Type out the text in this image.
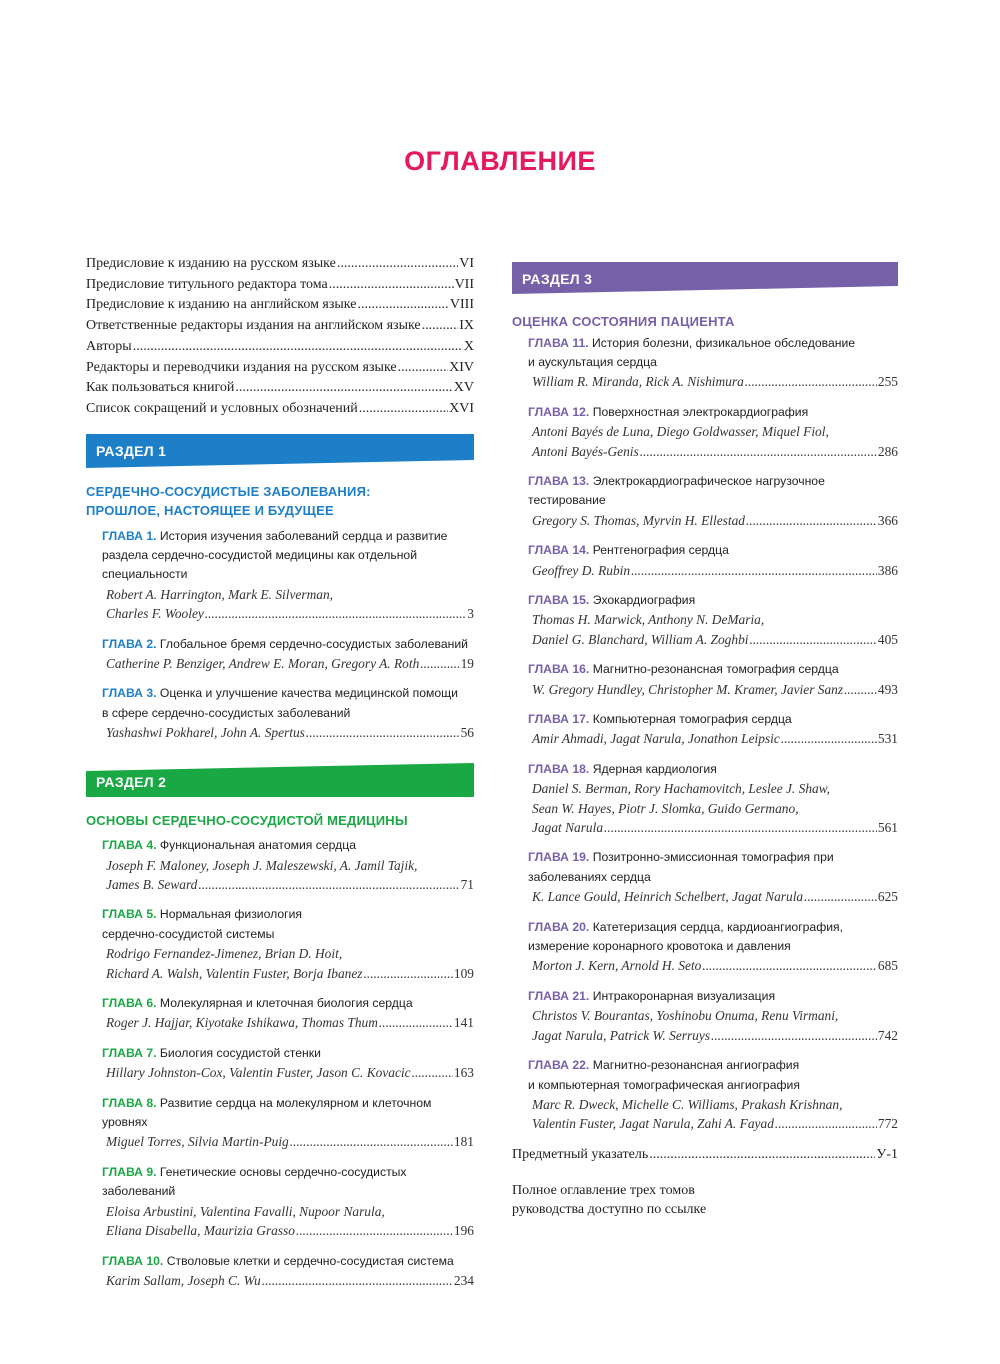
ОГЛАВЛЕНИЕ
Предисловие к изданию на русском языке .....	VI
Предисловие титульного редактора тома .....	VII
Предисловие к изданию на английском языке .....	VIII
Ответственные редакторы издания на английском языке .....	IX
Авторы .....	X
Редакторы и переводчики издания на русском языке .....	XIV
Как пользоваться книгой .....	XV
Список сокращений и условных обозначений .....	XVI
РАЗДЕЛ 1
СЕРДЕЧНО-СОСУДИСТЫЕ ЗАБОЛЕВАНИЯ:
ПРОШЛОЕ, НАСТОЯЩЕЕ И БУДУЩЕЕ
ГЛАВА 1. История изучения заболеваний сердца и развитие
раздела сердечно-сосудистой медицины как отдельной
специальности
Robert A. Harrington, Mark E. Silverman,
Charles F. Wooley .....	3
ГЛАВА 2. Глобальное бремя сердечно-сосудистых заболеваний
Catherine P. Benziger, Andrew E. Moran, Gregory A. Roth .....	19
ГЛАВА 3. Оценка и улучшение качества медицинской помощи
в сфере сердечно-сосудистых заболеваний
Yashashwi Pokharel, John A. Spertus .....	56
РАЗДЕЛ 2
ОСНОВЫ СЕРДЕЧНО-СОСУДИСТОЙ МЕДИЦИНЫ
ГЛАВА 4. Функциональная анатомия сердца
Joseph F. Maloney, Joseph J. Maleszewski, A. Jamil Tajik,
James B. Seward .....	71
ГЛАВА 5. Нормальная физиология
сердечно-сосудистой системы
Rodrigo Fernandez-Jimenez, Brian D. Hoit,
Richard A. Walsh, Valentin Fuster, Borja Ibanez .....	109
ГЛАВА 6. Молекулярная и клеточная биология сердца
Roger J. Hajjar, Kiyotake Ishikawa, Thomas Thum .....	141
ГЛАВА 7. Биология сосудистой стенки
Hillary Johnston-Cox, Valentin Fuster, Jason C. Kovacic .....	163
ГЛАВА 8. Развитие сердца на молекулярном и клеточном
уровнях
Miguel Torres, Silvia Martin-Puig .....	181
ГЛАВА 9. Генетические основы сердечно-сосудистых
заболеваний
Eloisa Arbustini, Valentina Favalli, Nupoor Narula,
Eliana Disabella, Maurizia Grasso .....	196
ГЛАВА 10. Стволовые клетки и сердечно-сосудистая система
Karim Sallam, Joseph C. Wu .....	234
РАЗДЕЛ 3
ОЦЕНКА СОСТОЯНИЯ ПАЦИЕНТА
ГЛАВА 11. История болезни, физикальное обследование
и аускультация сердца
William R. Miranda, Rick A. Nishimura .....	255
ГЛАВА 12. Поверхностная электрокардиография
Antoni Bayés de Luna, Diego Goldwasser, Miquel Fiol,
Antoni Bayés-Genis .....	286
ГЛАВА 13. Электрокардиографическое нагрузочное
тестирование
Gregory S. Thomas, Myrvin H. Ellestad .....	366
ГЛАВА 14. Рентгенография сердца
Geoffrey D. Rubin .....	386
ГЛАВА 15. Эхокардиография
Thomas H. Marwick, Anthony N. DeMaria,
Daniel G. Blanchard, William A. Zoghbi .....	405
ГЛАВА 16. Магнитно-резонансная томография сердца
W. Gregory Hundley, Christopher M. Kramer, Javier Sanz .....	493
ГЛАВА 17. Компьютерная томография сердца
Amir Ahmadi, Jagat Narula, Jonathon Leipsic .....	531
ГЛАВА 18. Ядерная кардиология
Daniel S. Berman, Rory Hachamovitch, Leslee J. Shaw,
Sean W. Hayes, Piotr J. Slomka, Guido Germano,
Jagat Narula .....	561
ГЛАВА 19. Позитронно-эмиссионная томография при
заболеваниях сердца
K. Lance Gould, Heinrich Schelbert, Jagat Narula .....	625
ГЛАВА 20. Катетеризация сердца, кардиоангиография,
измерение коронарного кровотока и давления
Morton J. Kern, Arnold H. Seto .....	685
ГЛАВА 21. Интракоронарная визуализация
Christos V. Bourantas, Yoshinobu Onuma, Renu Virmani,
Jagat Narula, Patrick W. Serruys .....	742
ГЛАВА 22. Магнитно-резонансная ангиография
и компьютерная томографическая ангиография
Marc R. Dweck, Michelle C. Williams, Prakash Krishnan,
Valentin Fuster, Jagat Narula, Zahi A. Fayad .....	772
Предметный указатель .....	У-1
Полное оглавление трех томов
руководства доступно по ссылке
